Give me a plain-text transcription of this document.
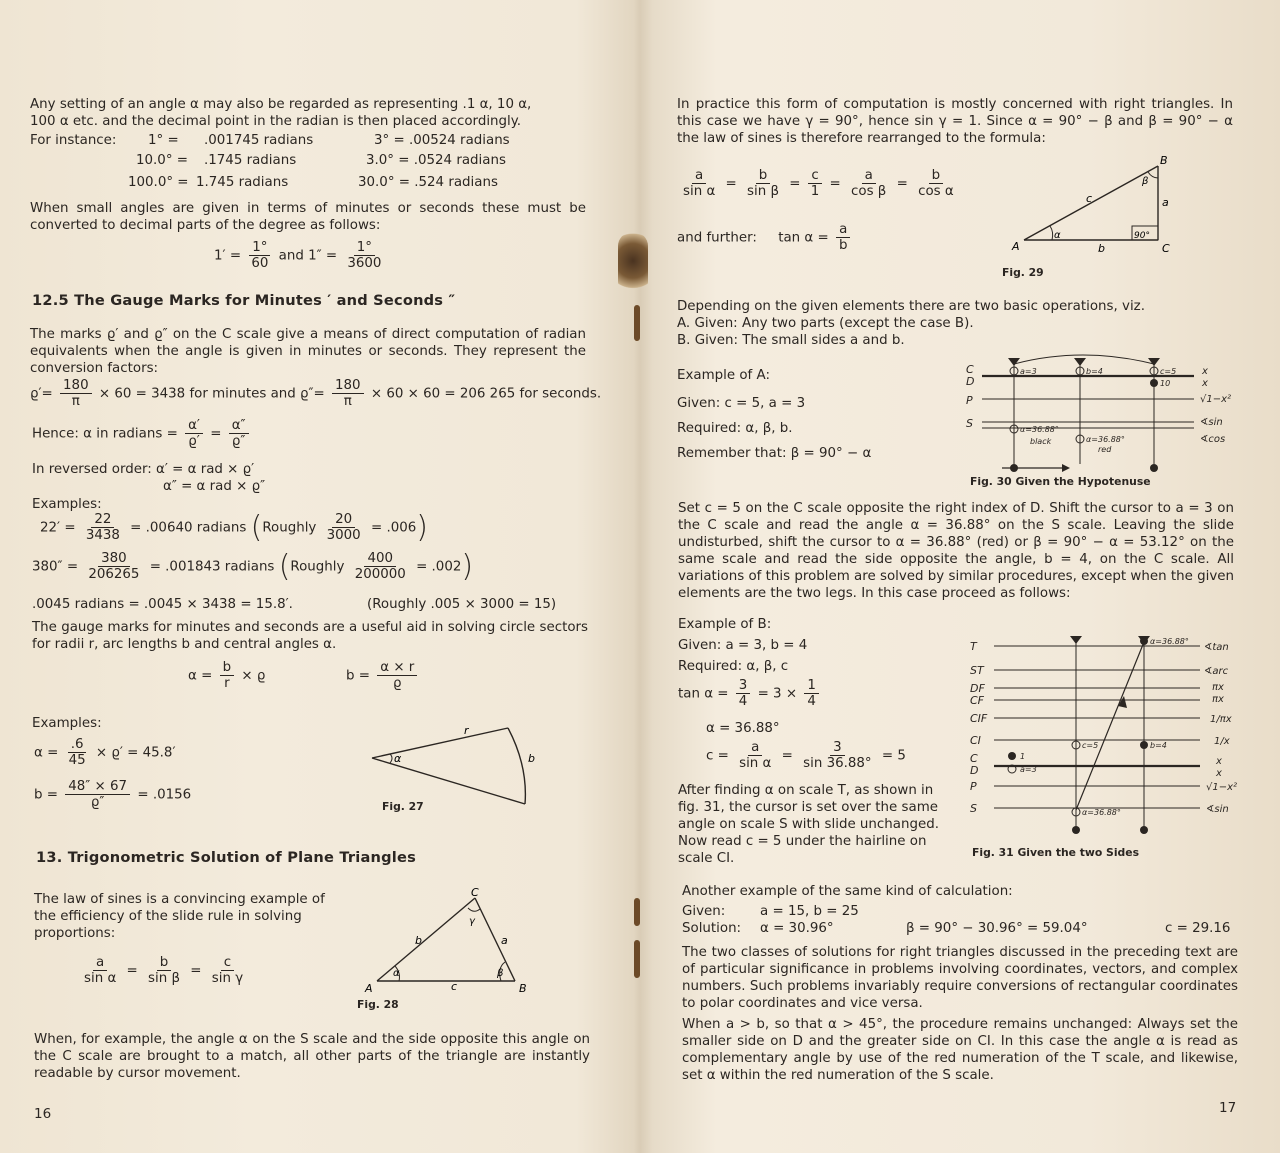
Any setting of an angle α may also be regarded as representing .1 α, 10 α,
100 α etc. and the decimal point in the radian is then placed accordingly.
For instance: 1° = .001745 radians	3° = .00524 radians
10.0° = .1745 radians	3.0° = .0524 radians
100.0° = 1.745 radians	30.0° = .524 radians
When small angles are given in terms of minutes or seconds these must be converted to decimal parts of the degree as follows:
$1' = \frac{1^\circ}{60}$ and $1'' = \frac{1^\circ}{3600}$
12.5 The Gauge Marks for Minutes ′ and Seconds ″
The marks ϱ′ and ϱ″ on the C scale give a means of direct computation of radian equivalents when the angle is given in minutes or seconds. They represent the conversion factors:
$ϱ'= \frac{180}{\pi} \times 60 = 3438$ for minutes and $ϱ''= \frac{180}{\pi} \times 60 \times 60 = 206$ 265 for seconds.
Hence: α in radians = $\frac{\alpha'}{ϱ'} = \frac{\alpha''}{ϱ''}$
In reversed order: α′ = α rad × ϱ′
α″ = α rad × ϱ″
Examples:
$22' = \frac{22}{3438} = .00640$ radians (Roughly $\frac{20}{3000} = .006$)
$380'' = \frac{380}{206265} = .001843$ radians (Roughly $\frac{400}{200000} = .002$)
.0045 radians = .0045 × 3438 = 15.8′.	(Roughly .005 × 3000 = 15)
The gauge marks for minutes and seconds are a useful aid in solving circle sectors for radii r, arc lengths b and central angles α.
$\alpha = \frac{b}{r} \times ϱ$	$b = \frac{\alpha \times r}{ϱ}$
Examples:
$\alpha = \frac{.6}{45} \times ϱ' = 45.8'$
$b = \frac{48'' \times 67}{ϱ''} = .0156$
r
b
α
Fig. 27
13. Trigonometric Solution of Plane Triangles
The law of sines is a convincing example of the efficiency of the slide rule in solving proportions:
$\frac{a}{\text{sin α}} = \frac{b}{\text{sin β}} = \frac{c}{\text{sin γ}}$
A	B
C
a
b
c
α	β
γ
Fig. 28
When, for example, the angle α on the S scale and the side opposite this angle on the C scale are brought to a match, all other parts of the triangle are instantly readable by cursor movement.
16
In practice this form of computation is mostly concerned with right triangles. In this case we have γ = 90°, hence sin γ = 1. Since α = 90° − β and β = 90° − α the law of sines is therefore rearranged to the formula:
$\frac{a}{\text{sin α}} = \frac{b}{\text{sin β}} = \frac{c}{1} = \frac{a}{\text{cos β}} = \frac{b}{\text{cos α}}$
and further: $\tan \alpha = \frac{a}{b}$	A	C
B
a
b
c
α
β
90°
Fig. 29
Depending on the given elements there are two basic operations, viz.
A. Given: Any two parts (except the case B).
B. Given: The small sides a and b.
Example of A:
Given: c = 5, a = 3
Required: α, β, b.
Remember that: β = 90° − α
C
D
P
S
a=3	b=4	c=5
10
α=36.88°
black	α=36.88°
red
x
x
√1−x²
∢sin
∢cos
Fig. 30 Given the Hypotenuse
Set c = 5 on the C scale opposite the right index of D. Shift the cursor to a = 3 on the C scale and read the angle α = 36.88° on the S scale. Leaving the slide undisturbed, shift the cursor to α = 36.88° (red) or β = 90° − α = 53.12° on the same scale and read the side opposite the angle, b = 4, on the C scale. All variations of this problem are solved by similar procedures, except when the given elements are the two legs. In this case proceed as follows:
Example of B:
Given: a = 3, b = 4
Required: α, β, c
$\tan \alpha = \frac{3}{4} = 3 \times \frac{1}{4}$
α = 36.88°
$c = \frac{a}{\text{sin α}} = \frac{3}{\sin 36.88^\circ} = 5$
After finding α on scale T, as shown in fig. 31, the cursor is set over the same angle on scale S with slide unchanged. Now read c = 5 under the hairline on scale CI.
T
ST
DF
CF
CIF
CI
C
D
P
S
α=36.88°
c=5	b=4
1
a=3
α=36.88°
∢tan
∢arc
πx
πx
1/πx
1/x
x
x
√1−x²
∢sin
Fig. 31 Given the two Sides
Another example of the same kind of calculation:
Given:	a = 15, b = 25
Solution: α = 30.96°	β = 90° − 30.96° = 59.04°	c = 29.16
The two classes of solutions for right triangles discussed in the preceding text are of particular significance in problems involving coordinates, vectors, and complex numbers. Such problems invariably require conversions of rectangular coordinates to polar coordinates and vice versa.
When a > b, so that α > 45°, the procedure remains unchanged: Always set the smaller side on D and the greater side on CI. In this case the angle α is read as complementary angle by use of the red numeration of the T scale, and likewise, set α within the red numeration of the S scale.
17
